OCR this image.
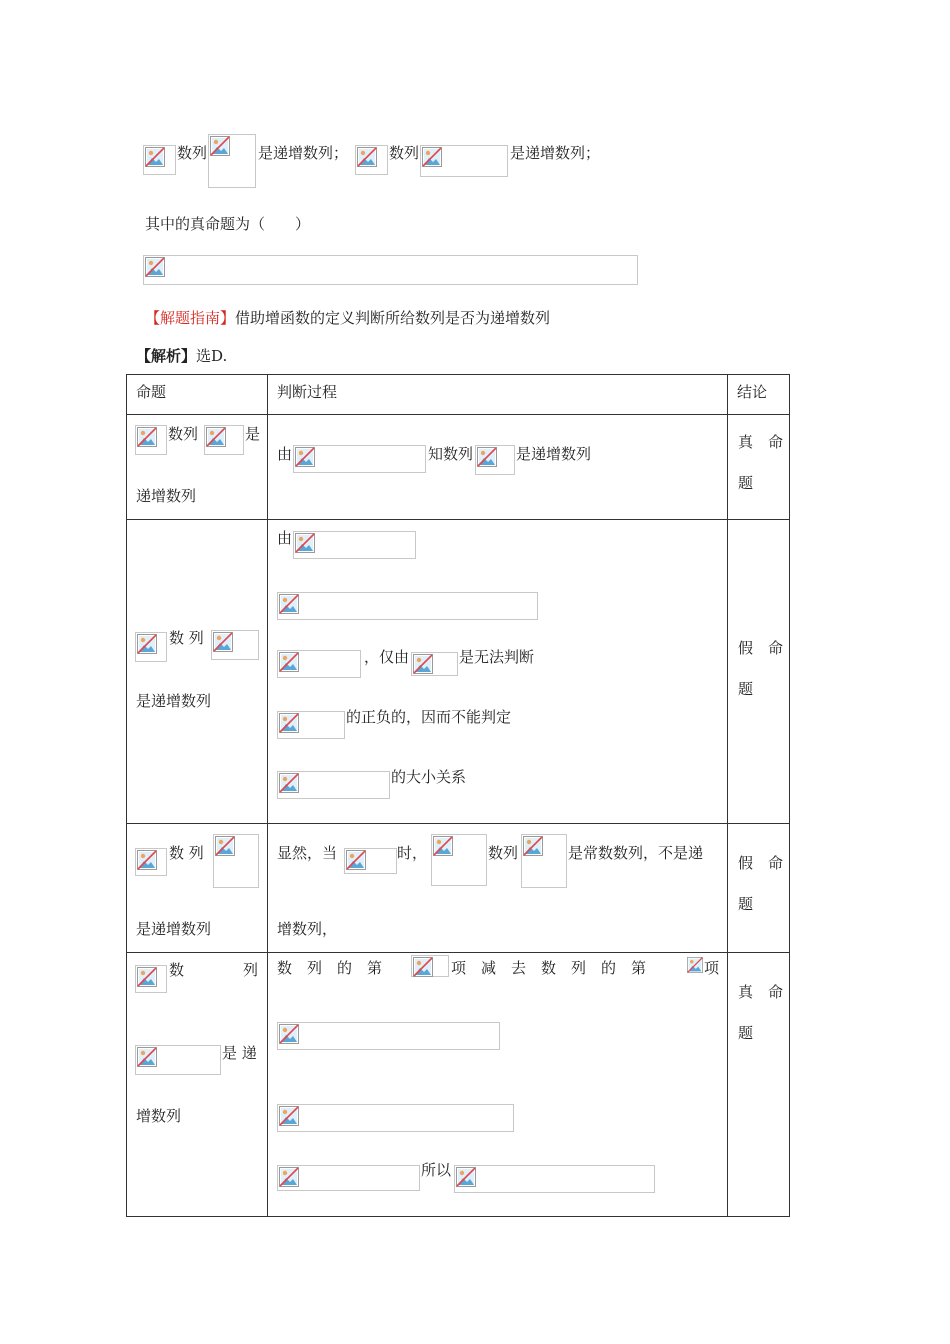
数列	是递增数列；	数列	是递增数列；
其中的真命题为（　　）
【解题指南】借助增函数的定义判断所给数列是否为递增数列
【解析】选D.
命题	判断过程	结论

数列 是
递增数列	由 知数列 是递增数列	真　命
题

数 列
是递增数列	由
，仅由 是无法判断
的正负的，因而不能判定
的大小关系	假　命
题

数 列
是递增数列	显然，当 时， 数列 是常数数列，不是递
增数列，	假　命
题

数 列
是 递
增数列	数　列　的　第 项　减　去　数　列　的　第 项
所以	真　命
题
